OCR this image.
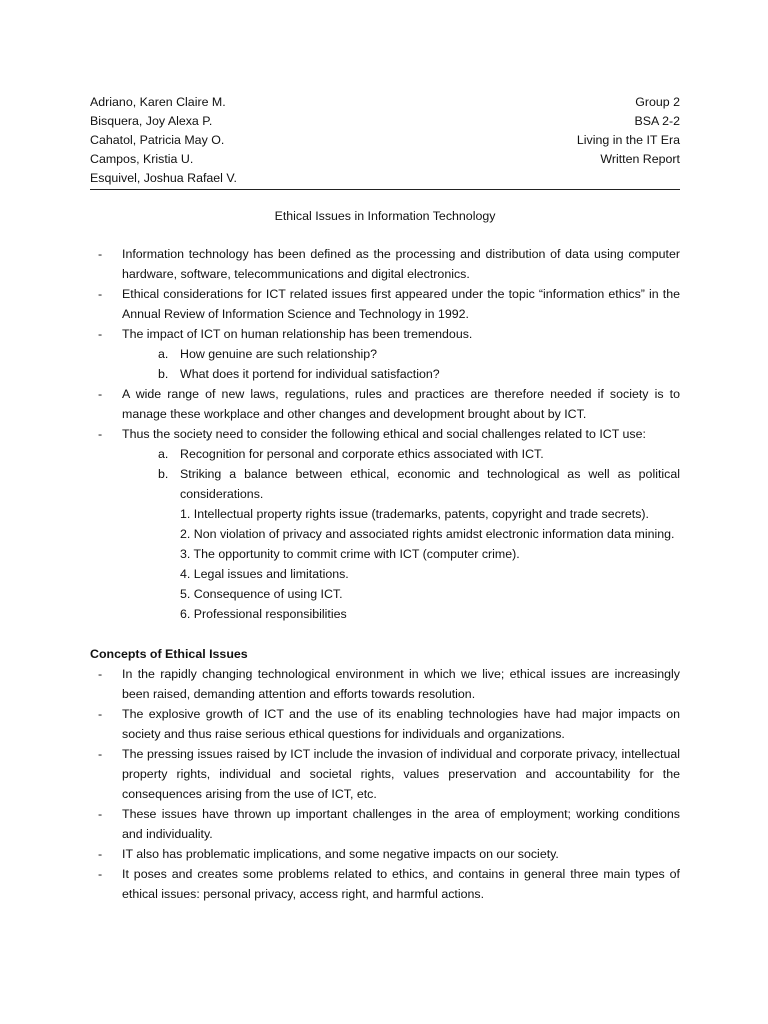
Adriano, Karen Claire M.
Bisquera, Joy Alexa P.
Cahatol, Patricia May O.
Campos, Kristia U.
Esquivel, Joshua Rafael V.
Group 2
BSA 2-2
Living in the IT Era
Written Report
Ethical Issues in Information Technology
-	Information technology has been defined as the processing and distribution of data using computer hardware, software, telecommunications and digital electronics.
-	Ethical considerations for ICT related issues first appeared under the topic “information ethics” in the Annual Review of Information Science and Technology in 1992.
-	The impact of ICT on human relationship has been tremendous.
a. How genuine are such relationship?
b. What does it portend for individual satisfaction?
-	A wide range of new laws, regulations, rules and practices are therefore needed if society is to manage these workplace and other changes and development brought about by ICT.
-	Thus the society need to consider the following ethical and social challenges related to ICT use:
a. Recognition for personal and corporate ethics associated with ICT.
b. Striking a balance between ethical, economic and technological as well as political considerations.
1. Intellectual property rights issue (trademarks, patents, copyright and trade secrets).
2. Non violation of privacy and associated rights amidst electronic information data mining.
3. The opportunity to commit crime with ICT (computer crime).
4. Legal issues and limitations.
5. Consequence of using ICT.
6. Professional responsibilities
Concepts of Ethical Issues
-	In the rapidly changing technological environment in which we live; ethical issues are increasingly been raised, demanding attention and efforts towards resolution.
-	The explosive growth of ICT and the use of its enabling technologies have had major impacts on society and thus raise serious ethical questions for individuals and organizations.
-	The pressing issues raised by ICT include the invasion of individual and corporate privacy, intellectual property rights, individual and societal rights, values preservation and accountability for the consequences arising from the use of ICT, etc.
-	These issues have thrown up important challenges in the area of employment; working conditions and individuality.
-	IT also has problematic implications, and some negative impacts on our society.
-	It poses and creates some problems related to ethics, and contains in general three main types of ethical issues: personal privacy, access right, and harmful actions.
